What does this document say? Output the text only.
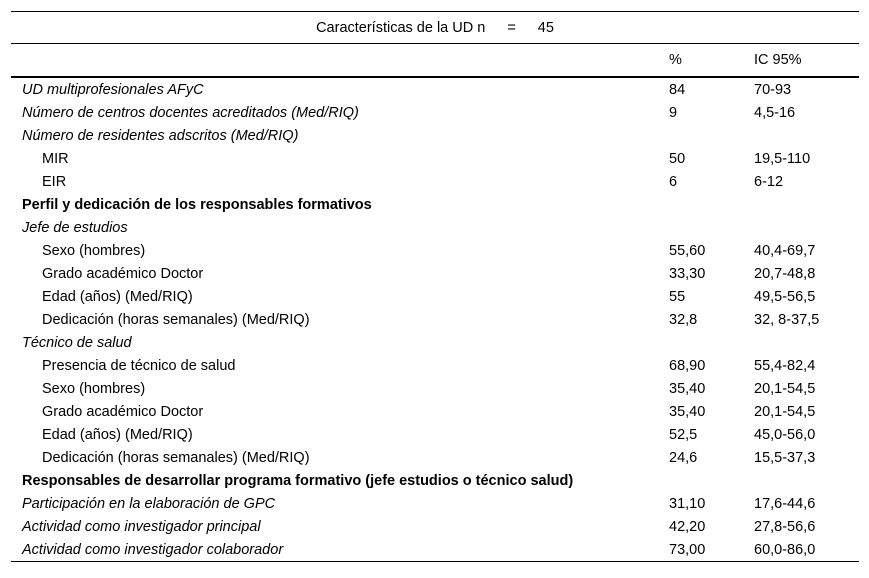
Características de la UD n = 45		
	%	IC 95%
UD multiprofesionales AFyC	84	70-93
Número de centros docentes acreditados (Med/RIQ)	9	4,5-16
Número de residentes adscritos (Med/RIQ)		
MIR	50	19,5-110
EIR	6	6-12
Perfil y dedicación de los responsables formativos		
Jefe de estudios		
Sexo (hombres)	55,60	40,4-69,7
Grado académico Doctor	33,30	20,7-48,8
Edad (años) (Med/RIQ)	55	49,5-56,5
Dedicación (horas semanales) (Med/RIQ)	32,8	32, 8-37,5
Técnico de salud		
Presencia de técnico de salud	68,90	55,4-82,4
Sexo (hombres)	35,40	20,1-54,5
Grado académico Doctor	35,40	20,1-54,5
Edad (años) (Med/RIQ)	52,5	45,0-56,0
Dedicación (horas semanales) (Med/RIQ)	24,6	15,5-37,3
Responsables de desarrollar programa formativo (jefe estudios o técnico salud)		
Participación en la elaboración de GPC	31,10	17,6-44,6
Actividad como investigador principal	42,20	27,8-56,6
Actividad como investigador colaborador	73,00	60,0-86,0
